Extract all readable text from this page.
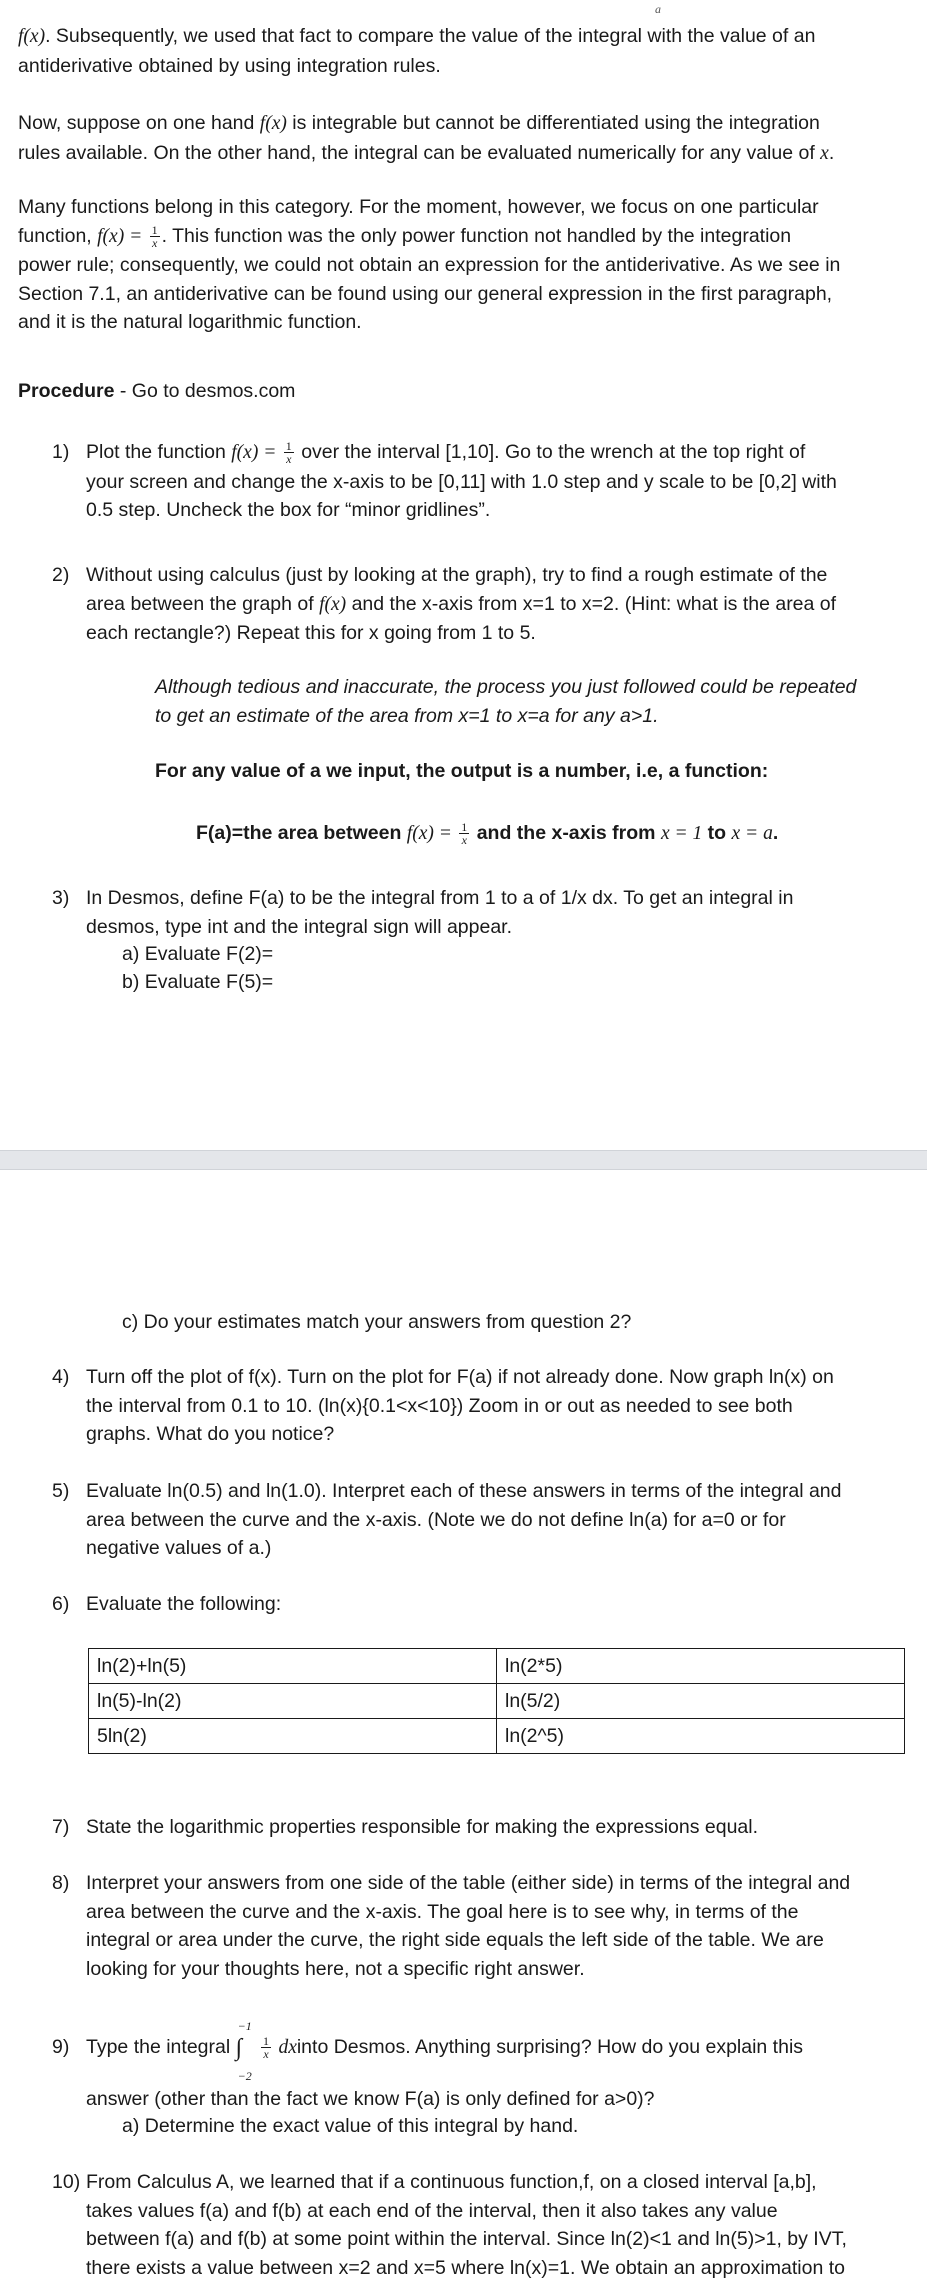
a
f(x). Subsequently, we used that fact to compare the value of the integral with the value of an
antiderivative obtained by using integration rules.
Now, suppose on one hand f(x) is integrable but cannot be differentiated using the integration
rules available. On the other hand, the integral can be evaluated numerically for any value of x.
Many functions belong in this category. For the moment, however, we focus on one particular
function, $f(x) = \frac{1}{x}$ . This function was the only power function not handled by the integration
power rule; consequently, we could not obtain an expression for the antiderivative. As we see in
Section 7.1, an antiderivative can be found using our general expression in the first paragraph,
and it is the natural logarithmic function.
Procedure - Go to desmos.com
1) Plot the function $f(x) = \frac{1}{x}$ over the interval [1,10]. Go to the wrench at the top right of
your screen and change the x-axis to be [0,11] with 1.0 step and y scale to be [0,2] with
0.5 step. Uncheck the box for “minor gridlines”.
2) Without using calculus (just by looking at the graph), try to find a rough estimate of the
area between the graph of f(x) and the x-axis from x=1 to x=2. (Hint: what is the area of
each rectangle?) Repeat this for x going from 1 to 5.
Although tedious and inaccurate, the process you just followed could be repeated
to get an estimate of the area from x=1 to x=a for any a>1.
For any value of a we input, the output is a number, i.e, a function:
F(a)=the area between $f(x) = \frac{1}{x}$ and the x-axis from x = 1 to x = a.
3) In Desmos, define F(a) to be the integral from 1 to a of 1/x dx. To get an integral in
desmos, type int and the integral sign will appear.
a) Evaluate F(2)=
b) Evaluate F(5)=
c) Do your estimates match your answers from question 2?
4) Turn off the plot of f(x). Turn on the plot for F(a) if not already done. Now graph ln(x) on
the interval from 0.1 to 10. (ln(x){0.1<x<10}) Zoom in or out as needed to see both
graphs. What do you notice?
5) Evaluate ln(0.5) and ln(1.0). Interpret each of these answers in terms of the integral and
area between the curve and the x-axis. (Note we do not define ln(a) for a=0 or for
negative values of a.)
6) Evaluate the following:
ln(2)+ln(5)	ln(2*5)
ln(5)-ln(2)	ln(5/2)
5ln(2)	ln(2^5)
7) State the logarithmic properties responsible for making the expressions equal.
8) Interpret your answers from one side of the table (either side) in terms of the integral and
area between the curve and the x-axis. The goal here is to see why, in terms of the
integral or area under the curve, the right side equals the left side of the table. We are
looking for your thoughts here, not a specific right answer.
9) Type the integral
−1
∫
−2

$\frac{1}{x}$ dxinto Desmos. Anything surprising? How do you explain this
answer (other than the fact we know F(a) is only defined for a>0)?
a) Determine the exact value of this integral by hand.
10) From Calculus A, we learned that if a continuous function,f, on a closed interval [a,b],
takes values f(a) and f(b) at each end of the interval, then it also takes any value
between f(a) and f(b) at some point within the interval. Since ln(2)<1 and ln(5)>1, by IVT,
there exists a value between x=2 and x=5 where ln(x)=1. We obtain an approximation to
